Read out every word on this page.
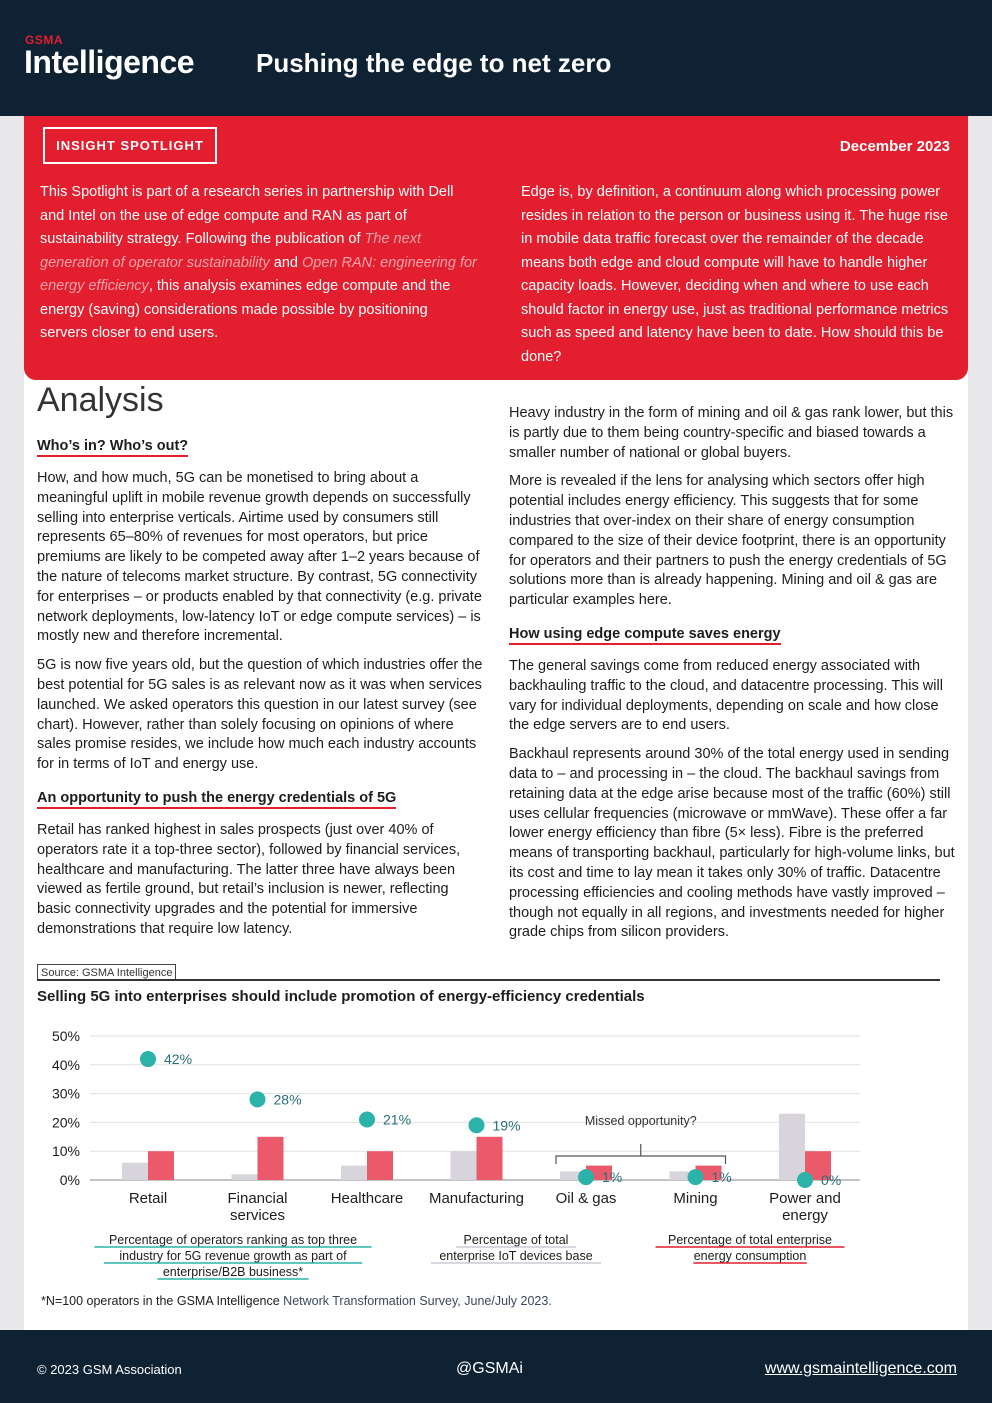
GSMA
Intelligence Pushing the edge to net zero
INSIGHT SPOTLIGHT	December 2023
This Spotlight is part of a research series in partnership with Dell and Intel on the use of edge compute and RAN as part of sustainability strategy. Following the publication of The next generation of operator sustainability and Open RAN: engineering for energy efficiency, this analysis examines edge compute and the energy (saving) considerations made possible by positioning servers closer to end users.
Edge is, by definition, a continuum along which processing power resides in relation to the person or business using it. The huge rise in mobile data traffic forecast over the remainder of the decade means both edge and cloud compute will have to handle higher capacity loads. However, deciding when and where to use each should factor in energy use, just as traditional performance metrics such as speed and latency have been to date. How should this be done?
Analysis
Who’s in? Who’s out?

How, and how much, 5G can be monetised to bring about a meaningful uplift in mobile revenue growth depends on successfully selling into enterprise verticals. Airtime used by consumers still represents 65–80% of revenues for most operators, but price premiums are likely to be competed away after 1–2 years because of the nature of telecoms market structure. By contrast, 5G connectivity for enterprises – or products enabled by that connectivity (e.g. private network deployments, low-latency IoT or edge compute services) – is mostly new and therefore incremental.

5G is now five years old, but the question of which industries offer the best potential for 5G sales is as relevant now as it was when services launched. We asked operators this question in our latest survey (see chart). However, rather than solely focusing on opinions of where sales promise resides, we include how much each industry accounts for in terms of IoT and energy use.

An opportunity to push the energy credentials of 5G

Retail has ranked highest in sales prospects (just over 40% of operators rate it a top-three sector), followed by financial services, healthcare and manufacturing. The latter three have always been viewed as fertile ground, but retail’s inclusion is newer, reflecting basic connectivity upgrades and the potential for immersive demonstrations that require low latency.

Heavy industry in the form of mining and oil & gas rank lower, but this is partly due to them being country-specific and biased towards a smaller number of national or global buyers.

More is revealed if the lens for analysing which sectors offer high potential includes energy efficiency. This suggests that for some industries that over-index on their share of energy consumption compared to the size of their device footprint, there is an opportunity for operators and their partners to push the energy credentials of 5G solutions more than is already happening. Mining and oil & gas are particular examples here.

How using edge compute saves energy

The general savings come from reduced energy associated with backhauling traffic to the cloud, and datacentre processing. This will vary for individual deployments, depending on scale and how close the edge servers are to end users.

Backhaul represents around 30% of the total energy used in sending data to – and processing in – the cloud. The backhaul savings from retaining data at the edge arise because most of the traffic (60%) still uses cellular frequencies (microwave or mmWave). These offer a far lower energy efficiency than fibre (5× less). Fibre is the preferred means of transporting backhaul, particularly for high-volume links, but its cost and time to lay mean it takes only 30% of traffic. Datacentre processing efficiencies and cooling methods have vastly improved – though not equally in all regions, and investments needed for higher grade chips from silicon providers.

Source: GSMA Intelligence
Selling 5G into enterprises should include promotion of energy-efficiency credentials
0%
10%
20%
30%
40%
50%
42%
Retail
28%
Financial
services
21%
Healthcare
19%
Manufacturing
1%
Oil & gas
1%
Mining
0%
Power and
energy
Missed opportunity?
Percentage of operators ranking as top three
industry for 5G revenue growth as part of
enterprise/B2B business*
Percentage of total
enterprise IoT devices base
Percentage of total enterprise
energy consumption
*N=100 operators in the GSMA Intelligence Network Transformation Survey, June/July 2023.
© 2023 GSM Association	@GSMAi	www.gsmaintelligence.com
